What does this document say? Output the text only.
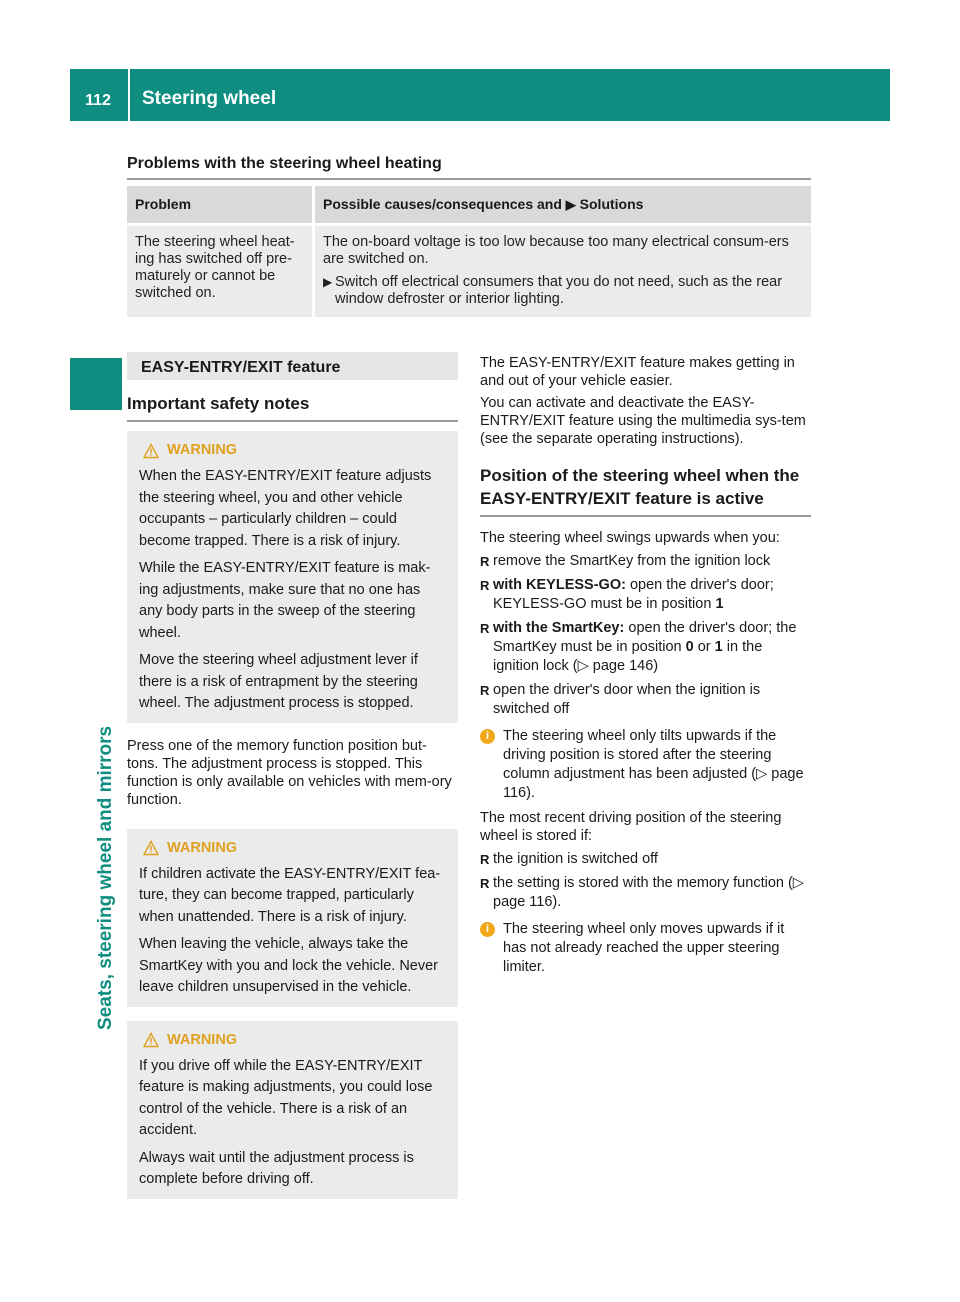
112	Steering wheel
Seats, steering wheel and mirrors
Problems with the steering wheel heating
Problem	Possible causes/consequences and ▶ Solutions
The steering wheel heat-ing has switched off pre-maturely or cannot be switched on.	The on-board voltage is too low because too many electrical consum-ers are switched on.
▶ Switch off electrical consumers that you do not need, such as the rear window defroster or interior lighting.
EASY-ENTRY/EXIT feature
Important safety notes
WARNING

When the EASY-ENTRY/EXIT feature adjusts the steering wheel, you and other vehicle occupants – particularly children – could become trapped. There is a risk of injury.

While the EASY-ENTRY/EXIT feature is mak-ing adjustments, make sure that no one has any body parts in the sweep of the steering wheel.

Move the steering wheel adjustment lever if there is a risk of entrapment by the steering wheel. The adjustment process is stopped.

Press one of the memory function position but-tons. The adjustment process is stopped. This function is only available on vehicles with mem-ory function.
WARNING

If children activate the EASY-ENTRY/EXIT fea-ture, they can become trapped, particularly when unattended. There is a risk of injury.

When leaving the vehicle, always take the SmartKey with you and lock the vehicle. Never leave children unsupervised in the vehicle.

WARNING

If you drive off while the EASY-ENTRY/EXIT feature is making adjustments, you could lose control of the vehicle. There is a risk of an accident.

Always wait until the adjustment process is complete before driving off.

The EASY-ENTRY/EXIT feature makes getting in and out of your vehicle easier.
You can activate and deactivate the EASY-ENTRY/EXIT feature using the multimedia sys-tem (see the separate operating instructions).
Position of the steering wheel when the EASY-ENTRY/EXIT feature is active
The steering wheel swings upwards when you:
R remove the SmartKey from the ignition lock
R with KEYLESS-GO: open the driver's door; KEYLESS-GO must be in position 1
R with the SmartKey: open the driver's door; the SmartKey must be in position 0 or 1 in the ignition lock (▷ page 146)
R open the driver's door when the ignition is switched off
i The steering wheel only tilts upwards if the driving position is stored after the steering column adjustment has been adjusted (▷ page 116).
The most recent driving position of the steering wheel is stored if:
R the ignition is switched off
R the setting is stored with the memory function (▷ page 116).
i The steering wheel only moves upwards if it has not already reached the upper steering limiter.
